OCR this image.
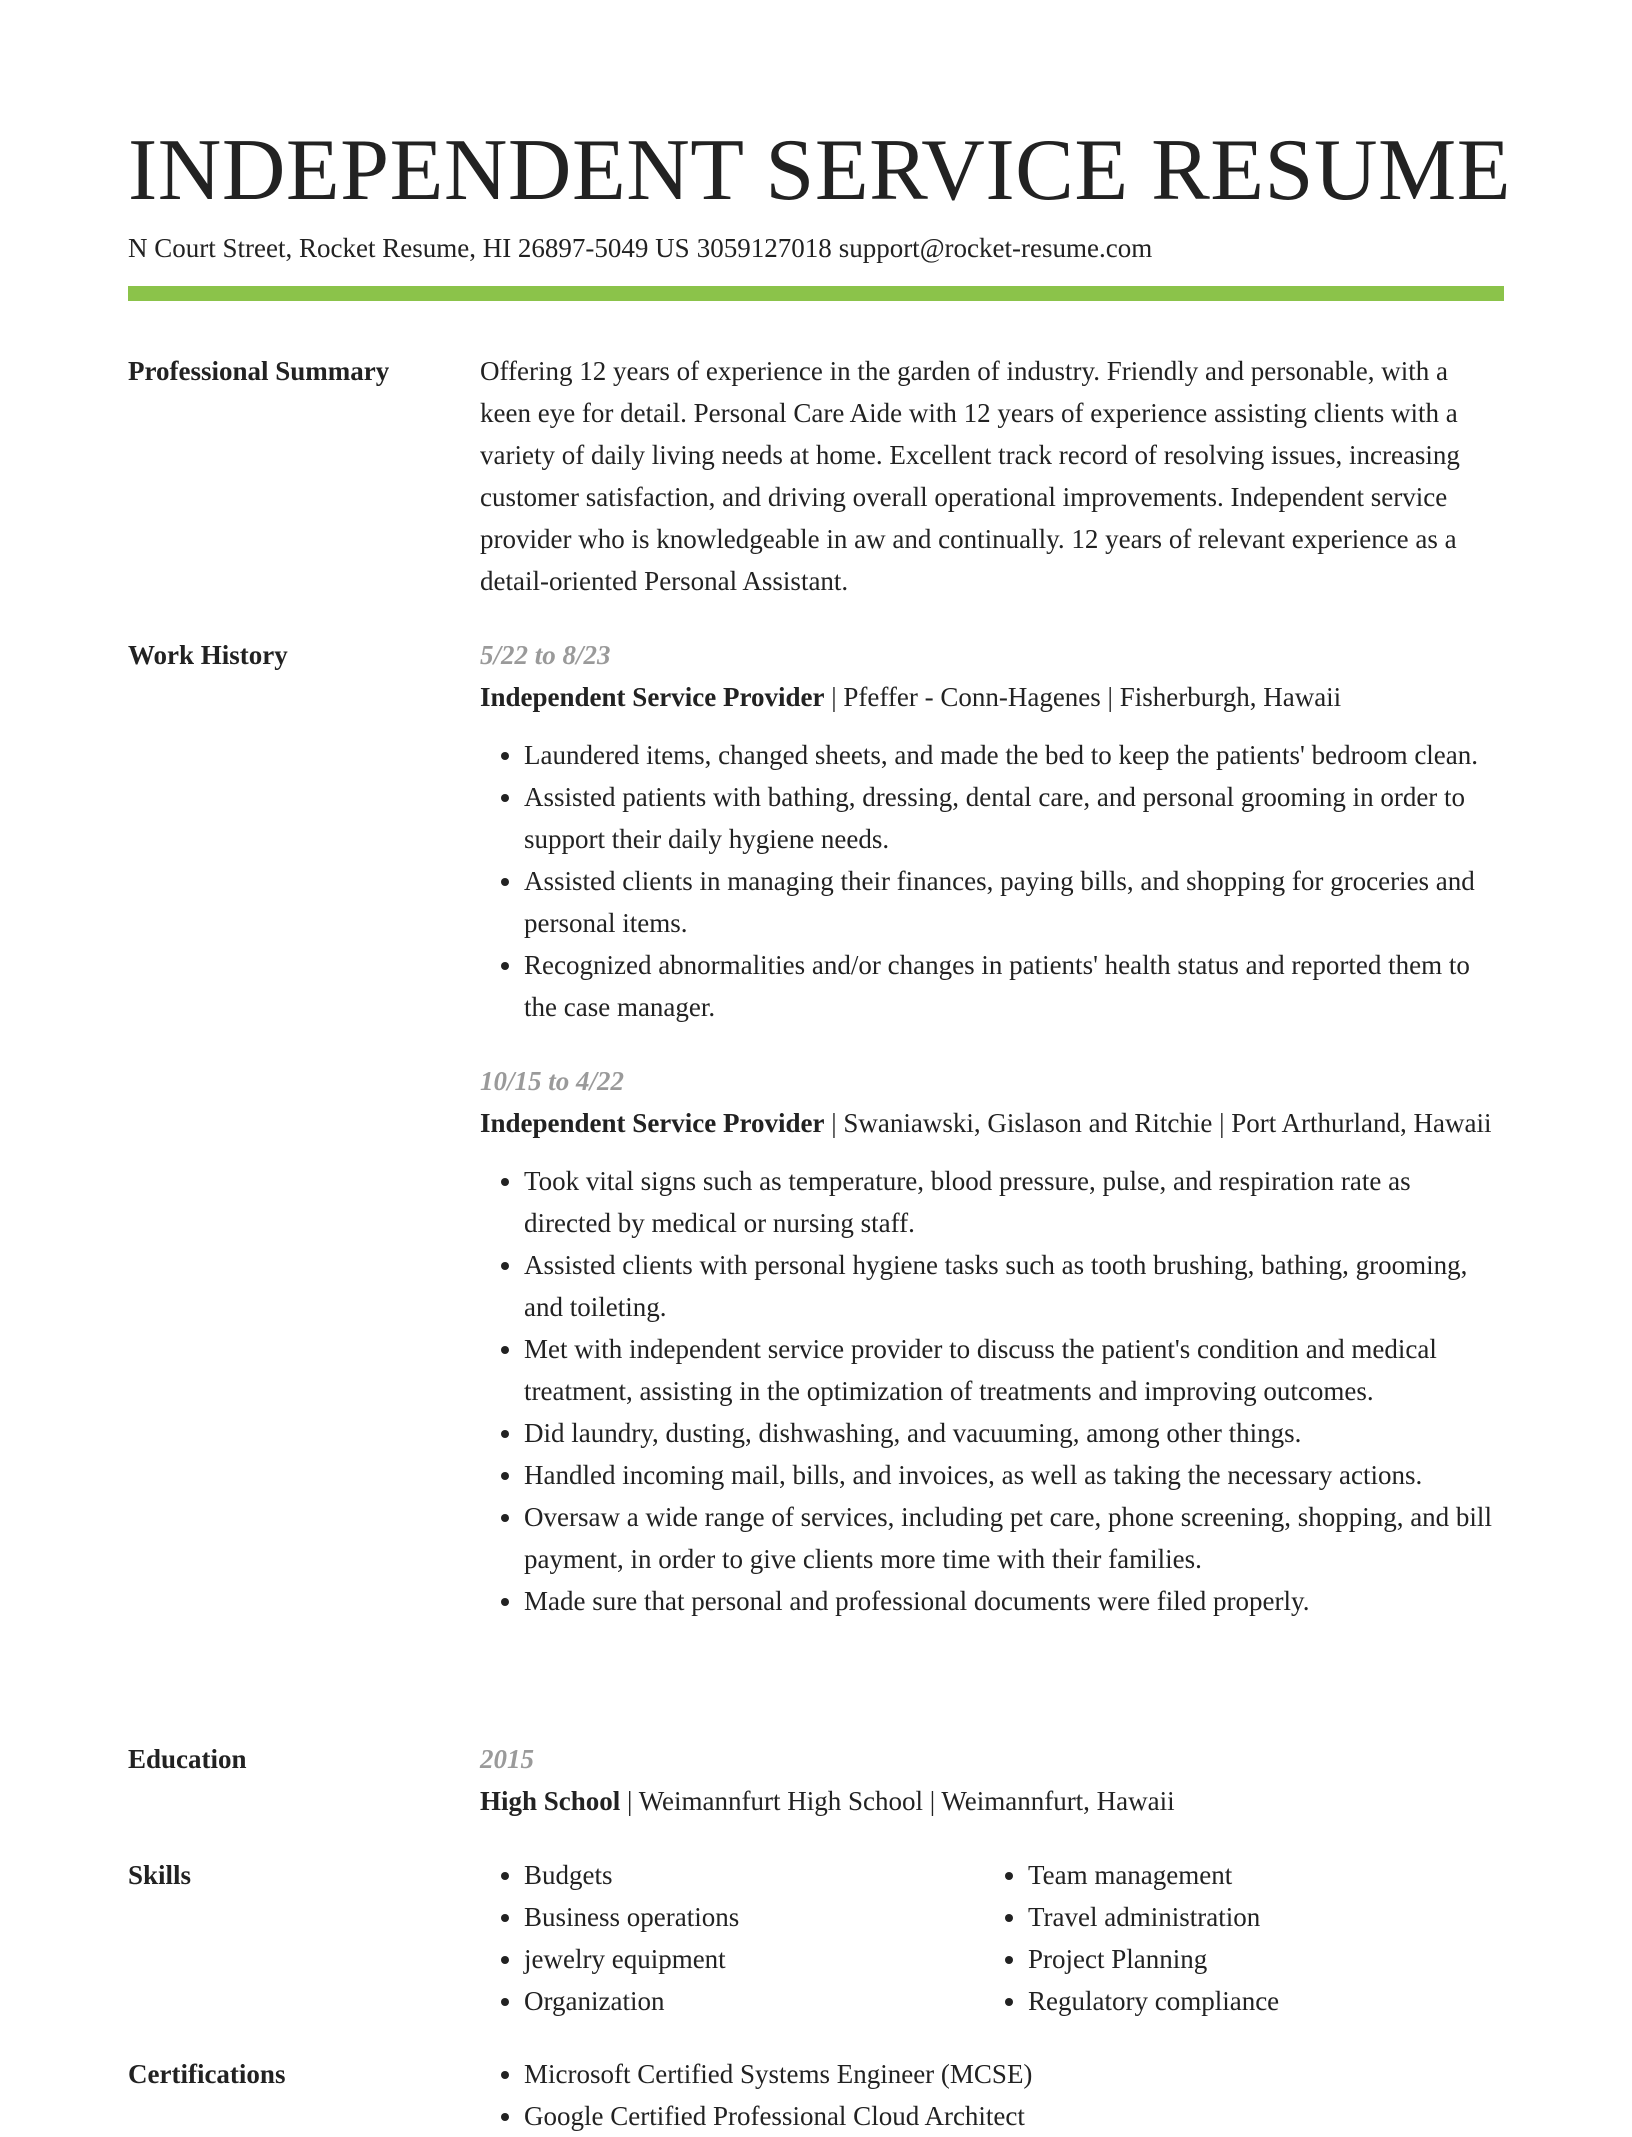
INDEPENDENT SERVICE RESUME
N Court Street, Rocket Resume, HI 26897-5049 US 3059127018 support@rocket-resume.com
Professional Summary	Offering 12 years of experience in the garden of industry. Friendly and personable, with a keen eye for detail. Personal Care Aide with 12 years of experience assisting clients with a variety of daily living needs at home. Excellent track record of resolving issues, increasing customer satisfaction, and driving overall operational improvements. Independent service provider who is knowledgeable in aw and continually. 12 years of relevant experience as a detail-oriented Personal Assistant.

Work History	5/22 to 8/23

Independent Service Provider | Pfeffer - Conn-Hagenes | Fisherburgh, Hawaii

• Laundered items, changed sheets, and made the bed to keep the patients' bedroom clean.
• Assisted patients with bathing, dressing, dental care, and personal grooming in order to support their daily hygiene needs.
• Assisted clients in managing their finances, paying bills, and shopping for groceries and personal items.
• Recognized abnormalities and/or changes in patients' health status and reported them to the case manager.

10/15 to 4/22

Independent Service Provider | Swaniawski, Gislason and Ritchie | Port Arthurland, Hawaii

• Took vital signs such as temperature, blood pressure, pulse, and respiration rate as directed by medical or nursing staff.
• Assisted clients with personal hygiene tasks such as tooth brushing, bathing, grooming, and toileting.
• Met with independent service provider to discuss the patient's condition and medical treatment, assisting in the optimization of treatments and improving outcomes.
• Did laundry, dusting, dishwashing, and vacuuming, among other things.
• Handled incoming mail, bills, and invoices, as well as taking the necessary actions.
• Oversaw a wide range of services, including pet care, phone screening, shopping, and bill payment, in order to give clients more time with their families.
• Made sure that personal and professional documents were filed properly.
Education	2015

High School | Weimannfurt High School | Weimannfurt, Hawaii

Skills	• Budgets
• Business operations
• jewelry equipment
• Organization
• Team management
• Travel administration
• Project Planning
• Regulatory compliance
Certifications	• Microsoft Certified Systems Engineer (MCSE)
• Google Certified Professional Cloud Architect
